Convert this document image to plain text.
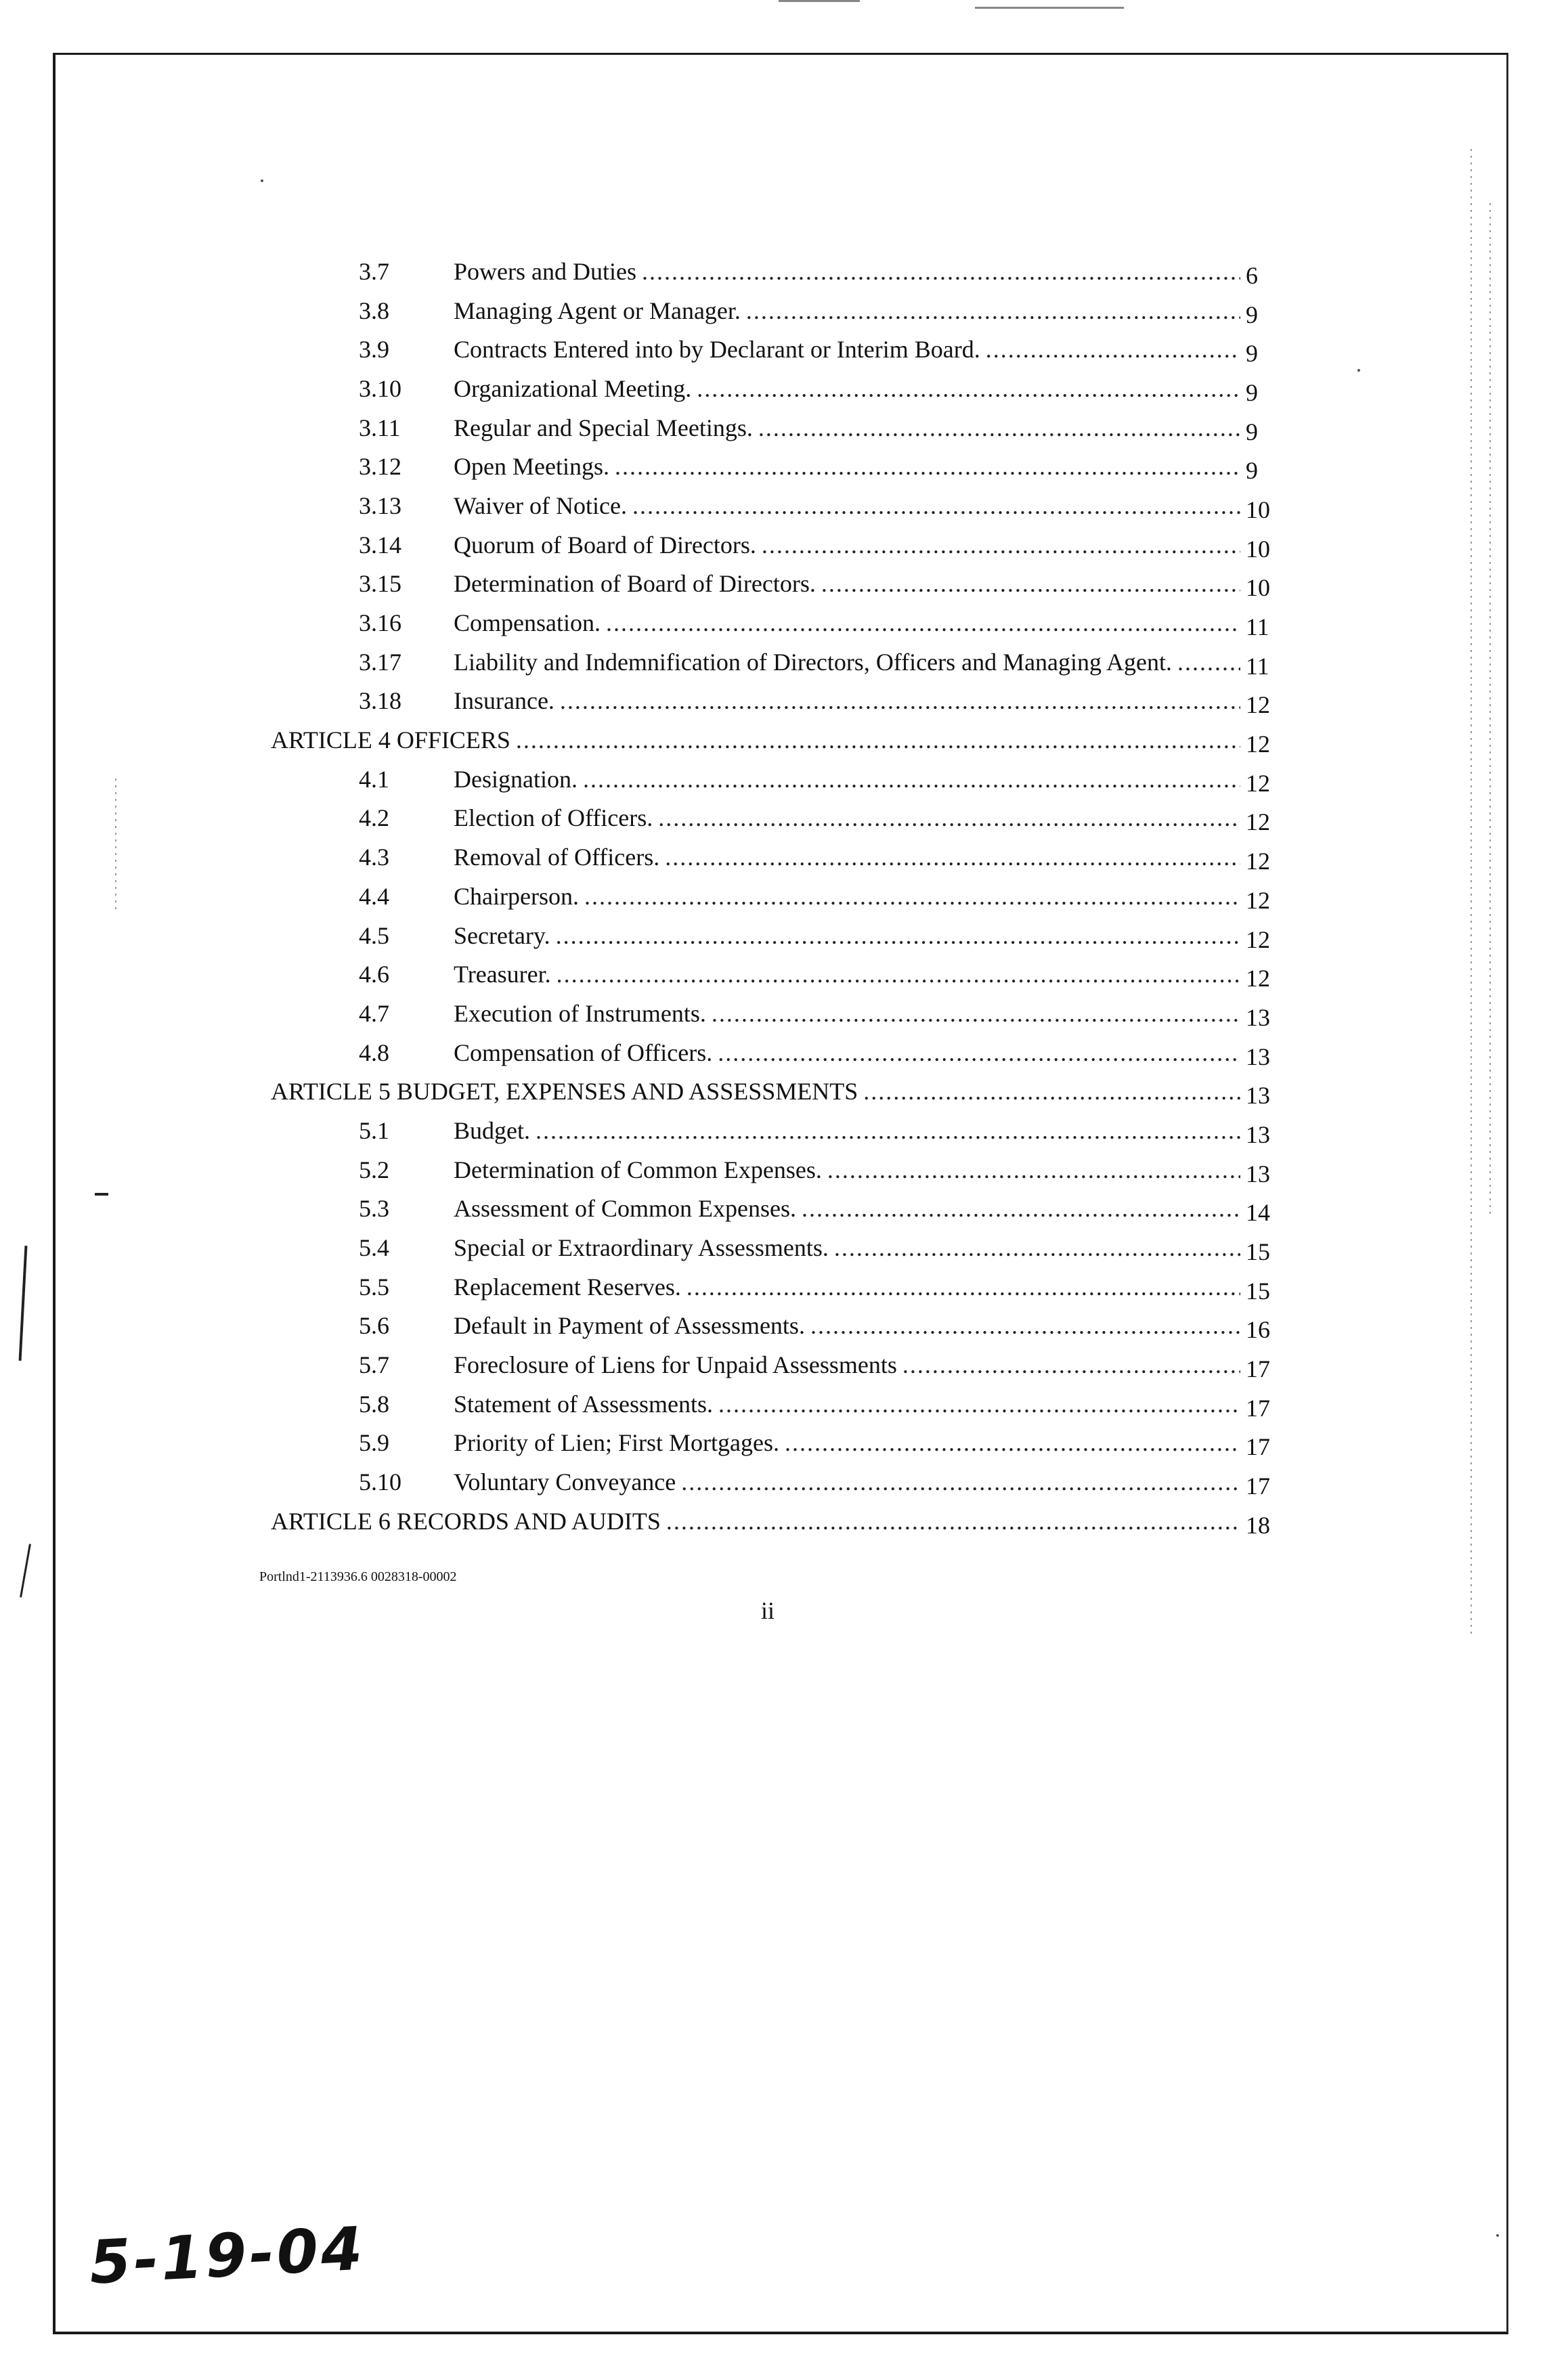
3.7	Powers and Duties .....	6
3.8	Managing Agent or Manager. .....	9
3.9	Contracts Entered into by Declarant or Interim Board. .....	9
3.10	Organizational Meeting. .....	9
3.11	Regular and Special Meetings. .....	9
3.12	Open Meetings. .....	9
3.13	Waiver of Notice. .....	10
3.14	Quorum of Board of Directors. .....	10
3.15	Determination of Board of Directors. .....	10
3.16	Compensation. .....	11
3.17	Liability and Indemnification of Directors, Officers and Managing Agent. .....	11
3.18	Insurance. .....	12
ARTICLE 4 OFFICERS .....	12
4.1	Designation. .....	12
4.2	Election of Officers. .....	12
4.3	Removal of Officers. .....	12
4.4	Chairperson. .....	12
4.5	Secretary. .....	12
4.6	Treasurer. .....	12
4.7	Execution of Instruments. .....	13
4.8	Compensation of Officers. .....	13
ARTICLE 5 BUDGET, EXPENSES AND ASSESSMENTS .....	13
5.1	Budget. .....	13
5.2	Determination of Common Expenses. .....	13
5.3	Assessment of Common Expenses. .....	14
5.4	Special or Extraordinary Assessments. .....	15
5.5	Replacement Reserves. .....	15
5.6	Default in Payment of Assessments. .....	16
5.7	Foreclosure of Liens for Unpaid Assessments .....	17
5.8	Statement of Assessments. .....	17
5.9	Priority of Lien; First Mortgages. .....	17
5.10	Voluntary Conveyance .....	17
ARTICLE 6 RECORDS AND AUDITS .....	18
Portlnd1-2113936.6 0028318-00002
ii
5-19-04
